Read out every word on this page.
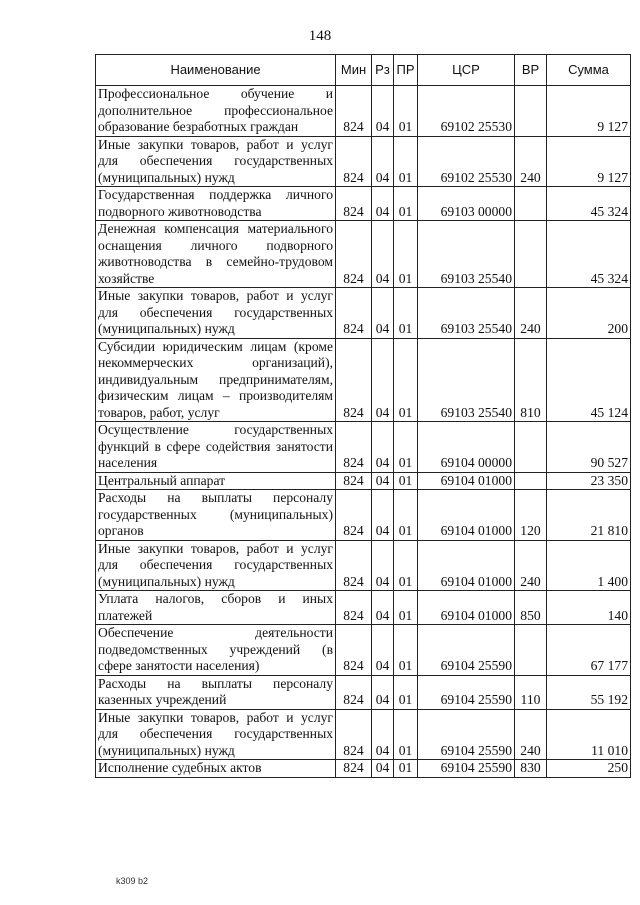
148
Наименование	Мин	Рз	ПР	ЦСР	ВР	Сумма
Профессиональное обучение и дополнительное профессиональное образование безработных граждан	824	04	01	69102 25530		9 127
Иные закупки товаров, работ и услуг для обеспечения государственных (муниципальных) нужд	824	04	01	69102 25530	240	9 127
Государственная поддержка личного подворного животноводства	824	04	01	69103 00000		45 324
Денежная компенсация материального оснащения личного подворного животноводства в семейно-трудовом хозяйстве	824	04	01	69103 25540		45 324
Иные закупки товаров, работ и услуг для обеспечения государственных (муниципальных) нужд	824	04	01	69103 25540	240	200
Субсидии юридическим лицам (кроме некоммерческих организаций), индивидуальным предпринимателям, физическим лицам – производителям товаров, работ, услуг	824	04	01	69103 25540	810	45 124
Осуществление государственных функций в сфере содействия занятости населения	824	04	01	69104 00000		90 527
Центральный аппарат	824	04	01	69104 01000		23 350
Расходы на выплаты персоналу государственных (муниципальных) органов	824	04	01	69104 01000	120	21 810
Иные закупки товаров, работ и услуг для обеспечения государственных (муниципальных) нужд	824	04	01	69104 01000	240	1 400
Уплата налогов, сборов и иных платежей	824	04	01	69104 01000	850	140
Обеспечение деятельности подведомственных учреждений (в сфере занятости населения)	824	04	01	69104 25590		67 177
Расходы на выплаты персоналу казенных учреждений	824	04	01	69104 25590	110	55 192
Иные закупки товаров, работ и услуг для обеспечения государственных (муниципальных) нужд	824	04	01	69104 25590	240	11 010
Исполнение судебных актов	824	04	01	69104 25590	830	250
k309 b2
